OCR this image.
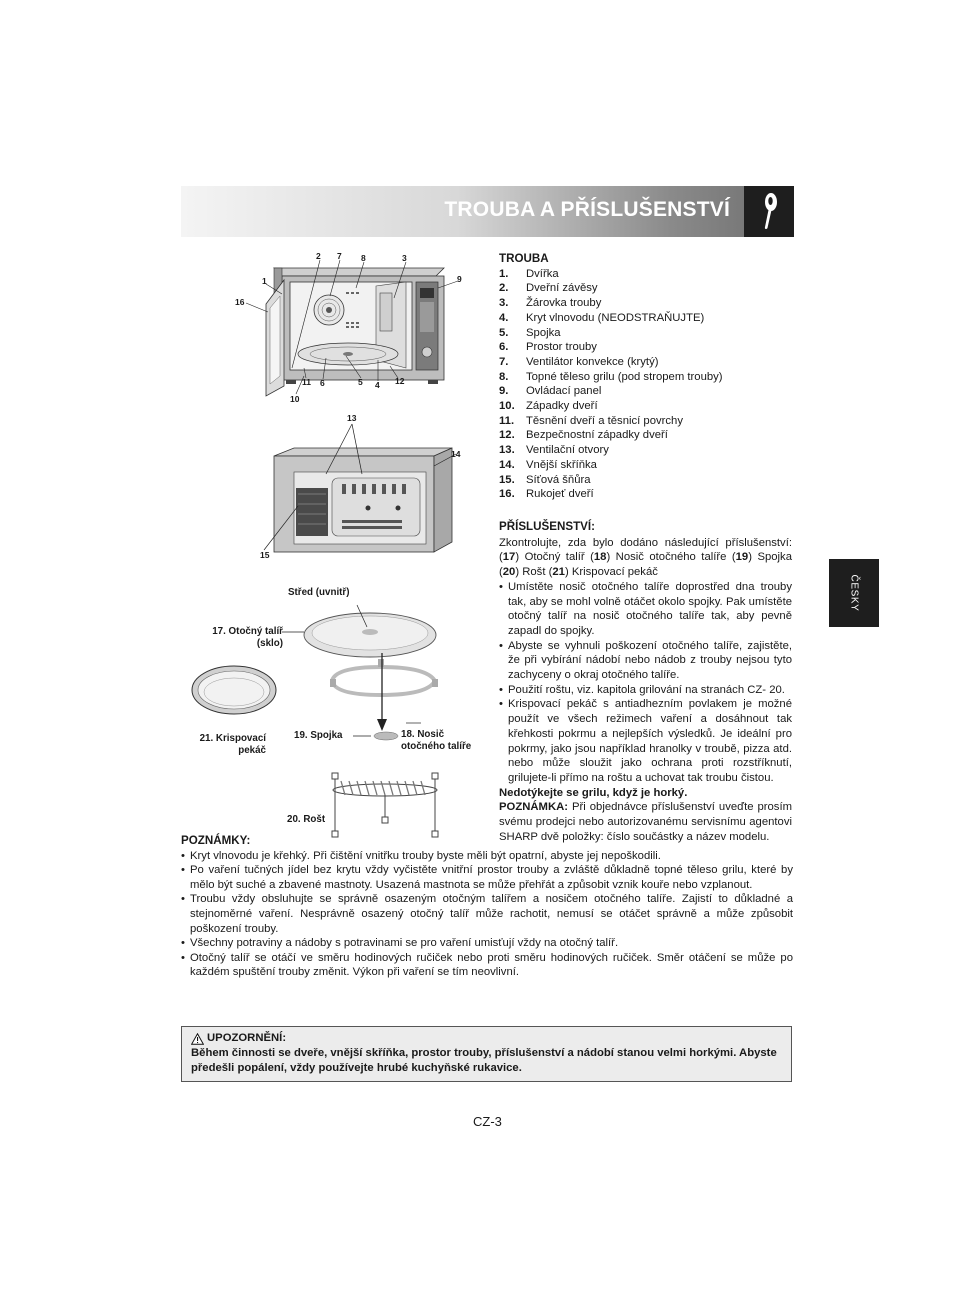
TROUBA A PŘÍSLUŠENSTVÍ
ČESKY
1
2 7 8	3
9
16
11 6	5 4 12
10
13
14
15
Střed (uvnitř)
17. Otočný talíř (sklo)
21. Krispovací pekáč
19. Spojka	18. Nosič otočného talíře
20. Rošt
TROUBA
1.	Dvířka
2.	Dveřní závěsy
3.	Žárovka trouby
4.	Kryt vlnovodu (NEODSTRAŇUJTE)
5.	Spojka
6.	Prostor trouby
7.	Ventilátor konvekce (krytý)
8.	Topné těleso grilu (pod stropem trouby)
9.	Ovládací panel
10. Západky dveří
11.	Těsnění dveří a těsnicí povrchy
12. Bezpečnostní západky dveří
13. Ventilační otvory
14. Vnější skříňka
15. Síťová šňůra
16. Rukojeť dveří
PŘÍSLUŠENSTVÍ:
Zkontrolujte, zda bylo dodáno následující příslušenství: (17) Otočný talíř (18) Nosič otočného talíře (19) Spojka (20) Rošt (21) Krispovací pekáč
• Umístěte nosič otočného talíře doprostřed dna trouby tak, aby se mohl volně otáčet okolo spojky. Pak umístěte otočný talíř na nosič otočného talíře tak, aby pevně zapadl do spojky.
• Abyste se vyhnuli poškození otočného talíře, zajistěte, že při vybírání nádobí nebo nádob z trouby nejsou tyto zachyceny o okraj otočného talíře.
• Použití roštu, viz. kapitola grilování na stranách CZ- 20.
• Krispovací pekáč s antiadhezním povlakem je možné použít ve všech režimech vaření a dosáhnout tak křehkosti pokrmu a nejlepších výsledků. Je ideální pro pokrmy, jako jsou například hranolky v troubě, pizza atd. nebo může sloužit jako ochrana proti rozstříknutí, grilujete-li přímo na roštu a uchovat tak troubu čistou.
Nedotýkejte se grilu, když je horký.
POZNÁMKA: Při objednávce příslušenství uveďte prosím svému prodejci nebo autorizovanému servisnímu agentovi SHARP dvě položky: číslo součástky a název modelu.
POZNÁMKY:
• Kryt vlnovodu je křehký. Při čištění vnitřku trouby byste měli být opatrní, abyste jej nepoškodili.
• Po vaření tučných jídel bez krytu vždy vyčistěte vnitřní prostor trouby a zvláště důkladně topné těleso grilu, které by mělo být suché a zbavené mastnoty. Usazená mastnota se může přehřát a způsobit vznik kouře nebo vzplanout.
• Troubu vždy obsluhujte se správně osazeným otočným talířem a nosičem otočného talíře. Zajistí to důkladné a stejnoměrné vaření. Nesprávně osazený otočný talíř může rachotit, nemusí se otáčet správně a může způsobit poškození trouby.
• Všechny potraviny a nádoby s potravinami se pro vaření umisťují vždy na otočný talíř.
• Otočný talíř se otáčí ve směru hodinových ručiček nebo proti směru hodinových ručiček. Směr otáčení se může po každém spuštění trouby změnit. Výkon při vaření se tím neovlivní.
UPOZORNĚNÍ:
Během činnosti se dveře, vnější skříňka, prostor trouby, příslušenství a nádobí stanou velmi horkými. Abyste předešli popálení, vždy používejte hrubé kuchyňské rukavice.
CZ-3
